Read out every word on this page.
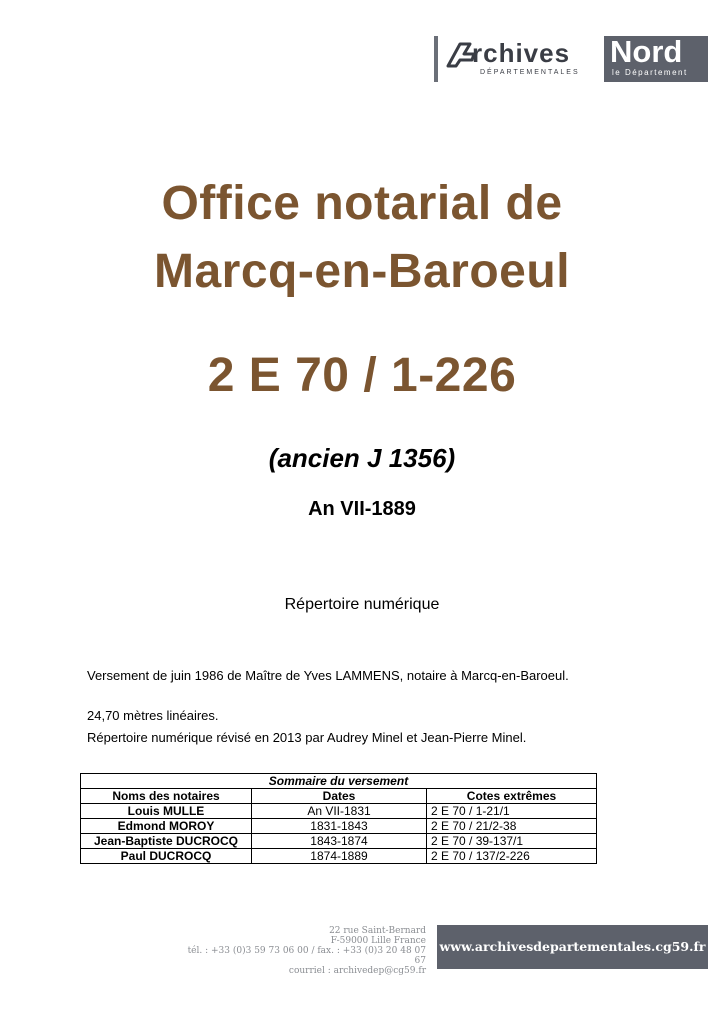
rchives
DÉPARTEMENTALES
Nord
le Département
Office notarial de
Marcq-en-Baroeul
2 E 70 / 1-226
(ancien J 1356)
An VII-1889
Répertoire numérique
Versement de juin 1986 de Maître de Yves LAMMENS, notaire à Marcq-en-Baroeul.
24,70 mètres linéaires.
Répertoire numérique révisé en 2013 par Audrey Minel et Jean-Pierre Minel.
Sommaire du versement		
Noms des notaires	Dates	Cotes extrêmes
Louis MULLE	An VII-1831	2 E 70 / 1-21/1
Edmond MOROY	1831-1843	2 E 70 / 21/2-38
Jean-Baptiste DUCROCQ	1843-1874	2 E 70 / 39-137/1
Paul DUCROCQ	1874-1889	2 E 70 / 137/2-226
22 rue Saint-Bernard
F-59000 Lille France
tél. : +33 (0)3 59 73 06 00 / fax. : +33 (0)3 20 48 07 67
courriel : archivedep@cg59.fr
www.archivesdepartementales.cg59.fr
